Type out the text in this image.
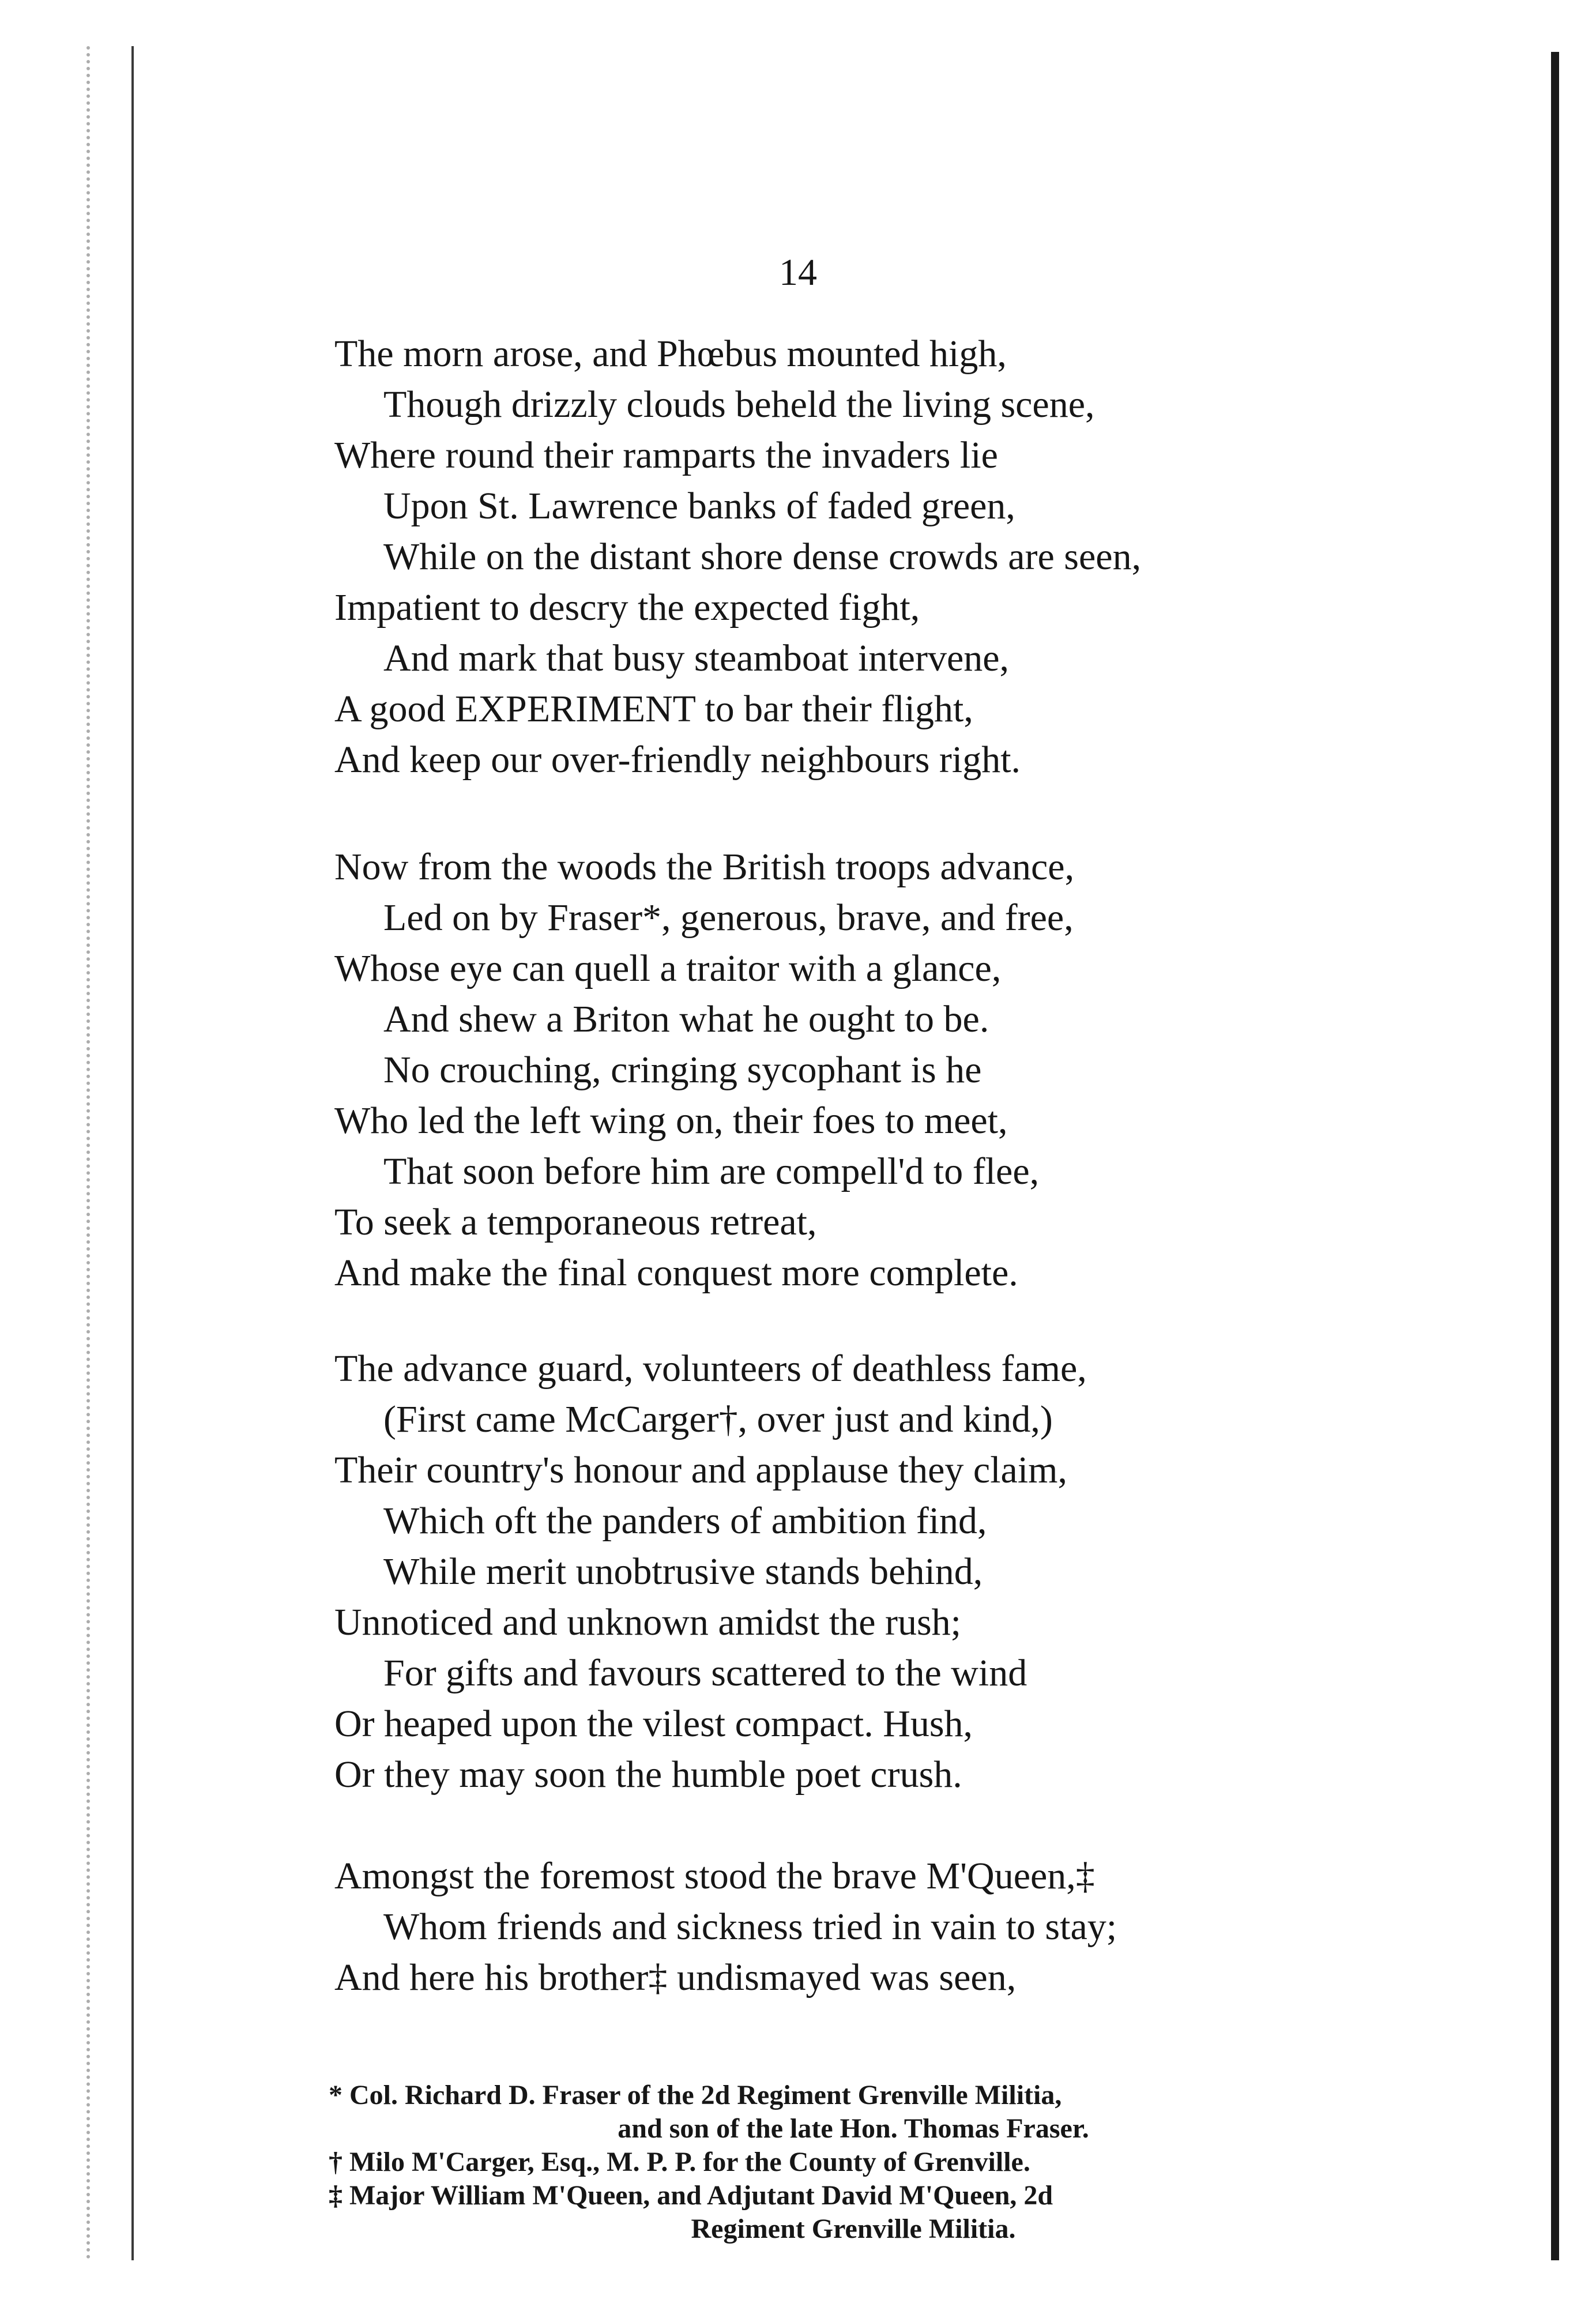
14
The morn arose, and Phœbus mounted high,
Though drizzly clouds beheld the living scene,
Where round their ramparts the invaders lie
Upon St. Lawrence banks of faded green,
While on the distant shore dense crowds are seen,
Impatient to descry the expected fight,
And mark that busy steamboat intervene,
A good EXPERIMENT to bar their flight,
And keep our over-friendly neighbours right.
Now from the woods the British troops advance,
Led on by Fraser*, generous, brave, and free,
Whose eye can quell a traitor with a glance,
And shew a Briton what he ought to be.
No crouching, cringing sycophant is he
Who led the left wing on, their foes to meet,
That soon before him are compell'd to flee,
To seek a temporaneous retreat,
And make the final conquest more complete.
The advance guard, volunteers of deathless fame,
(First came McCarger†, over just and kind,)
Their country's honour and applause they claim,
Which oft the panders of ambition find,
While merit unobtrusive stands behind,
Unnoticed and unknown amidst the rush;
For gifts and favours scattered to the wind
Or heaped upon the vilest compact. Hush,
Or they may soon the humble poet crush.
Amongst the foremost stood the brave M'Queen,‡
Whom friends and sickness tried in vain to stay;
And here his brother‡ undismayed was seen,
* Col. Richard D. Fraser of the 2d Regiment Grenville Militia,
and son of the late Hon. Thomas Fraser.
† Milo M'Carger, Esq., M. P. P. for the County of Grenville.
‡ Major William M'Queen, and Adjutant David M'Queen, 2d
Regiment Grenville Militia.
